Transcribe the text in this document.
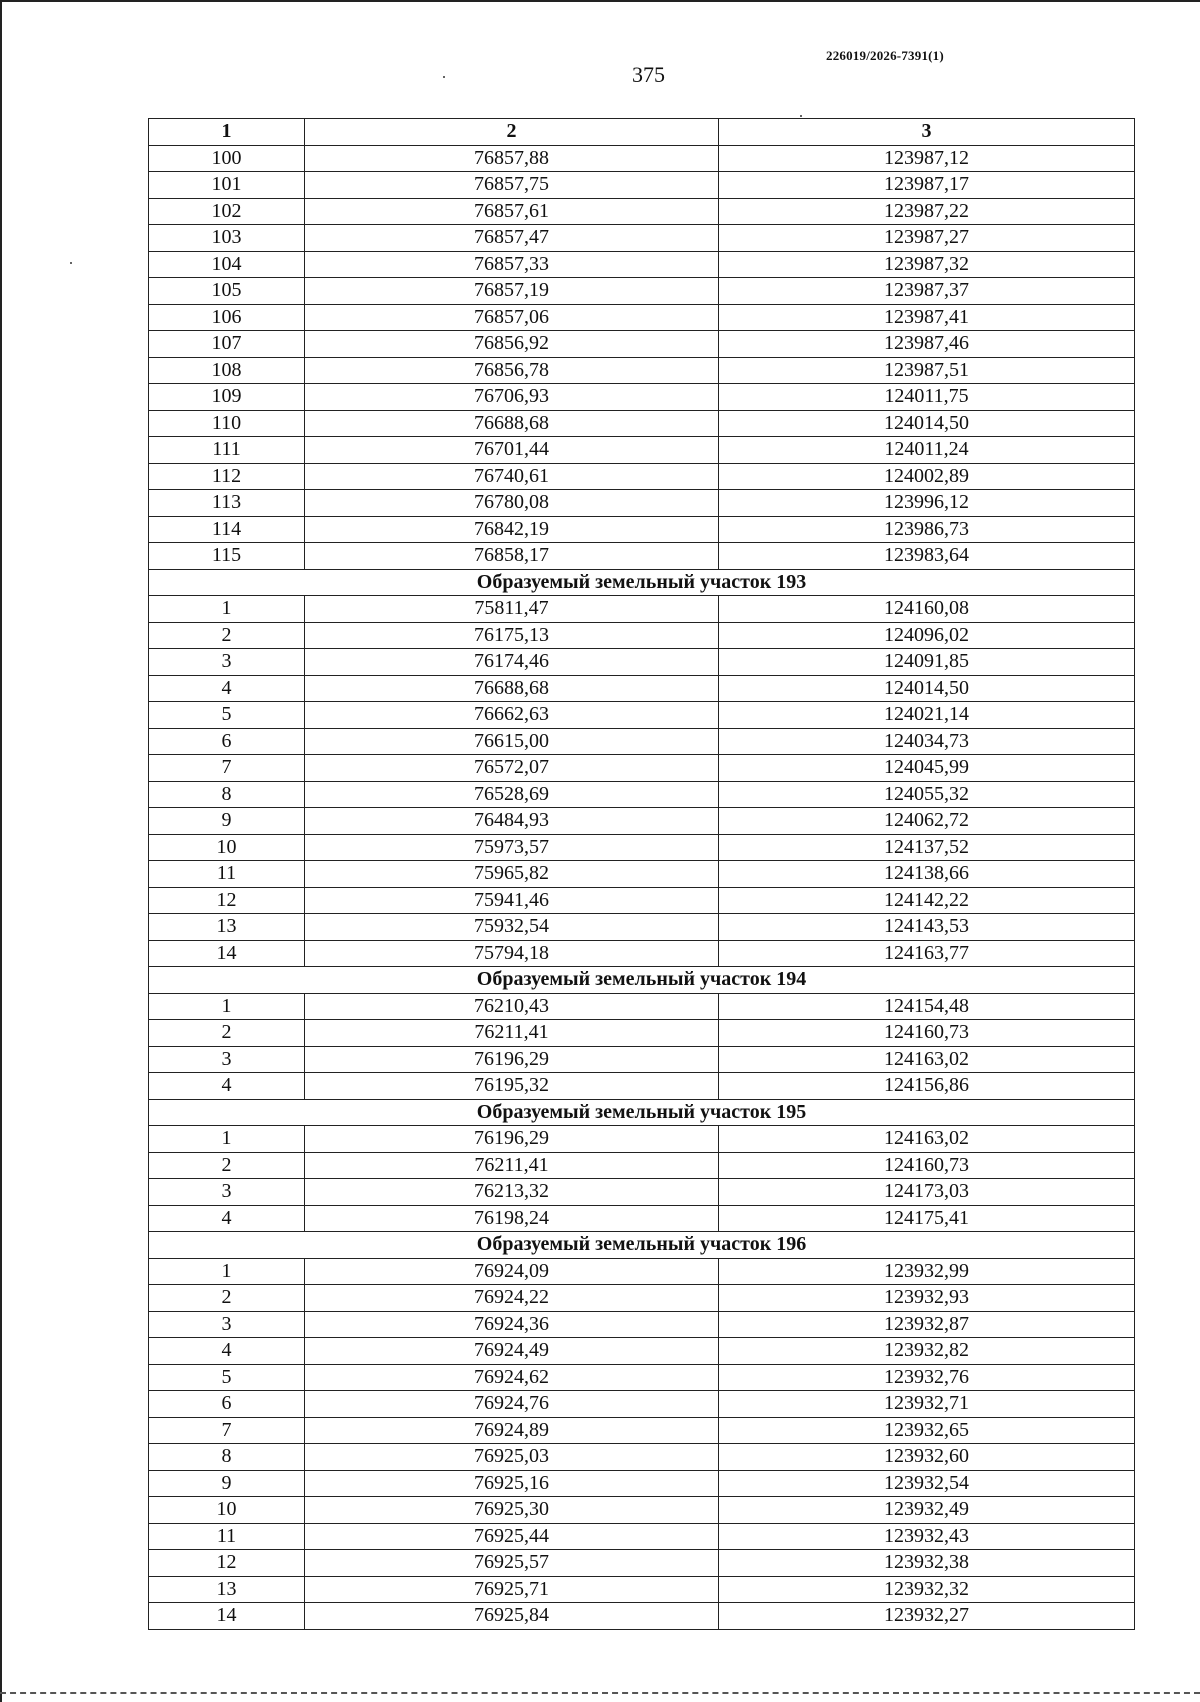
226019/2026-7391(1)
375
1	2	3
100	76857,88	123987,12
101	76857,75	123987,17
102	76857,61	123987,22
103	76857,47	123987,27
104	76857,33	123987,32
105	76857,19	123987,37
106	76857,06	123987,41
107	76856,92	123987,46
108	76856,78	123987,51
109	76706,93	124011,75
110	76688,68	124014,50
111	76701,44	124011,24
112	76740,61	124002,89
113	76780,08	123996,12
114	76842,19	123986,73
115	76858,17	123983,64
Образуемый земельный участок 193		
1	75811,47	124160,08
2	76175,13	124096,02
3	76174,46	124091,85
4	76688,68	124014,50
5	76662,63	124021,14
6	76615,00	124034,73
7	76572,07	124045,99
8	76528,69	124055,32
9	76484,93	124062,72
10	75973,57	124137,52
11	75965,82	124138,66
12	75941,46	124142,22
13	75932,54	124143,53
14	75794,18	124163,77
Образуемый земельный участок 194		
1	76210,43	124154,48
2	76211,41	124160,73
3	76196,29	124163,02
4	76195,32	124156,86
Образуемый земельный участок 195		
1	76196,29	124163,02
2	76211,41	124160,73
3	76213,32	124173,03
4	76198,24	124175,41
Образуемый земельный участок 196		
1	76924,09	123932,99
2	76924,22	123932,93
3	76924,36	123932,87
4	76924,49	123932,82
5	76924,62	123932,76
6	76924,76	123932,71
7	76924,89	123932,65
8	76925,03	123932,60
9	76925,16	123932,54
10	76925,30	123932,49
11	76925,44	123932,43
12	76925,57	123932,38
13	76925,71	123932,32
14	76925,84	123932,27
